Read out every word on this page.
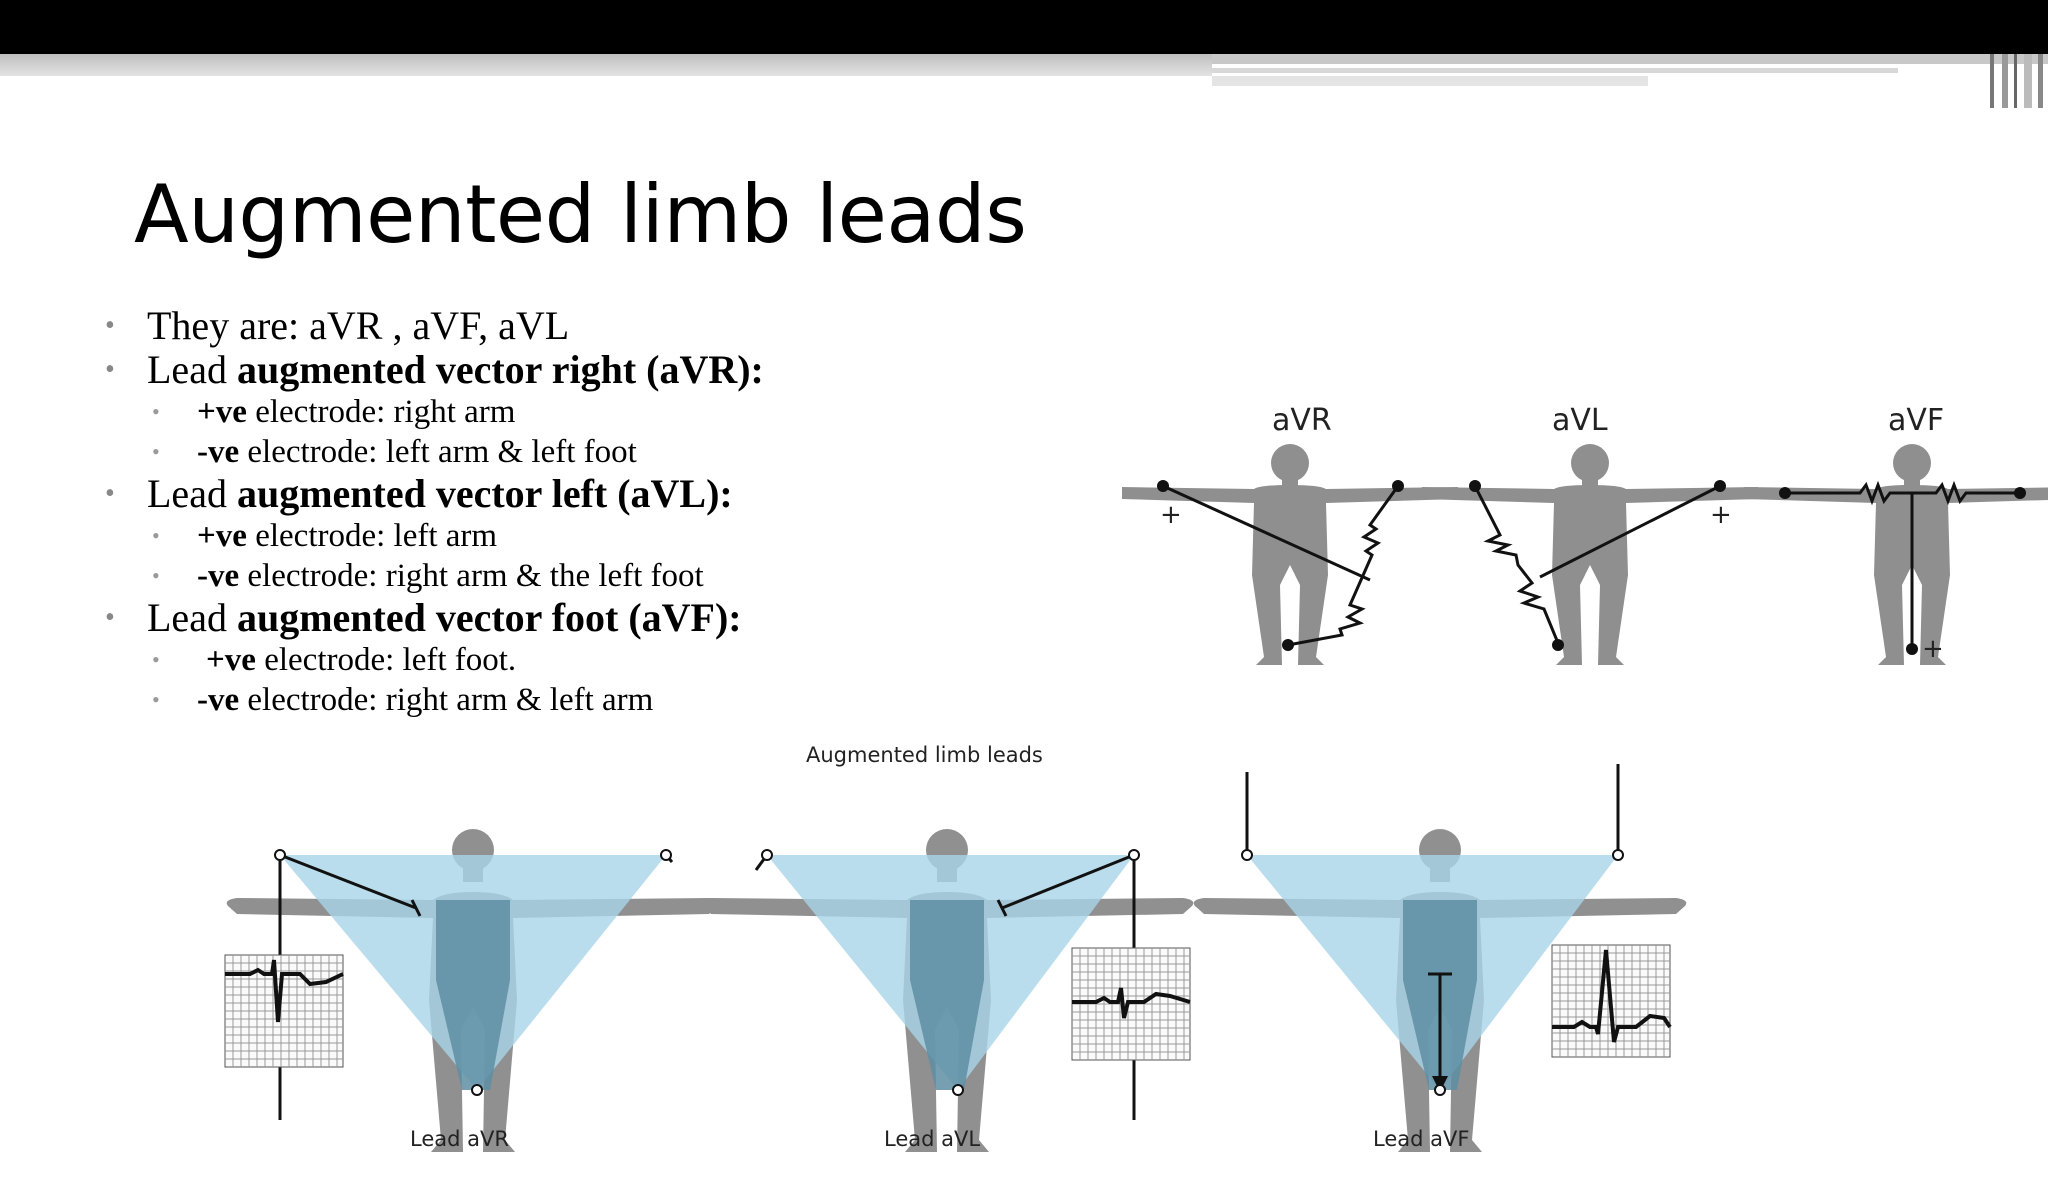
Augmented limb leads
• They are: aVR , aVF, aVL
• Lead augmented vector right (aVR):
• +ve electrode: right arm
• -ve electrode: left arm & left foot
• Lead augmented vector left (aVL):
• +ve electrode: left arm
• -ve electrode: right arm & the left foot
• Lead augmented vector foot (aVF):
• +ve electrode: left foot.
• -ve electrode: right arm & left arm
+
aVR
+
aVL
+
aVF
Augmented limb leads
Lead aVR	Lead aVL	Lead aVF
